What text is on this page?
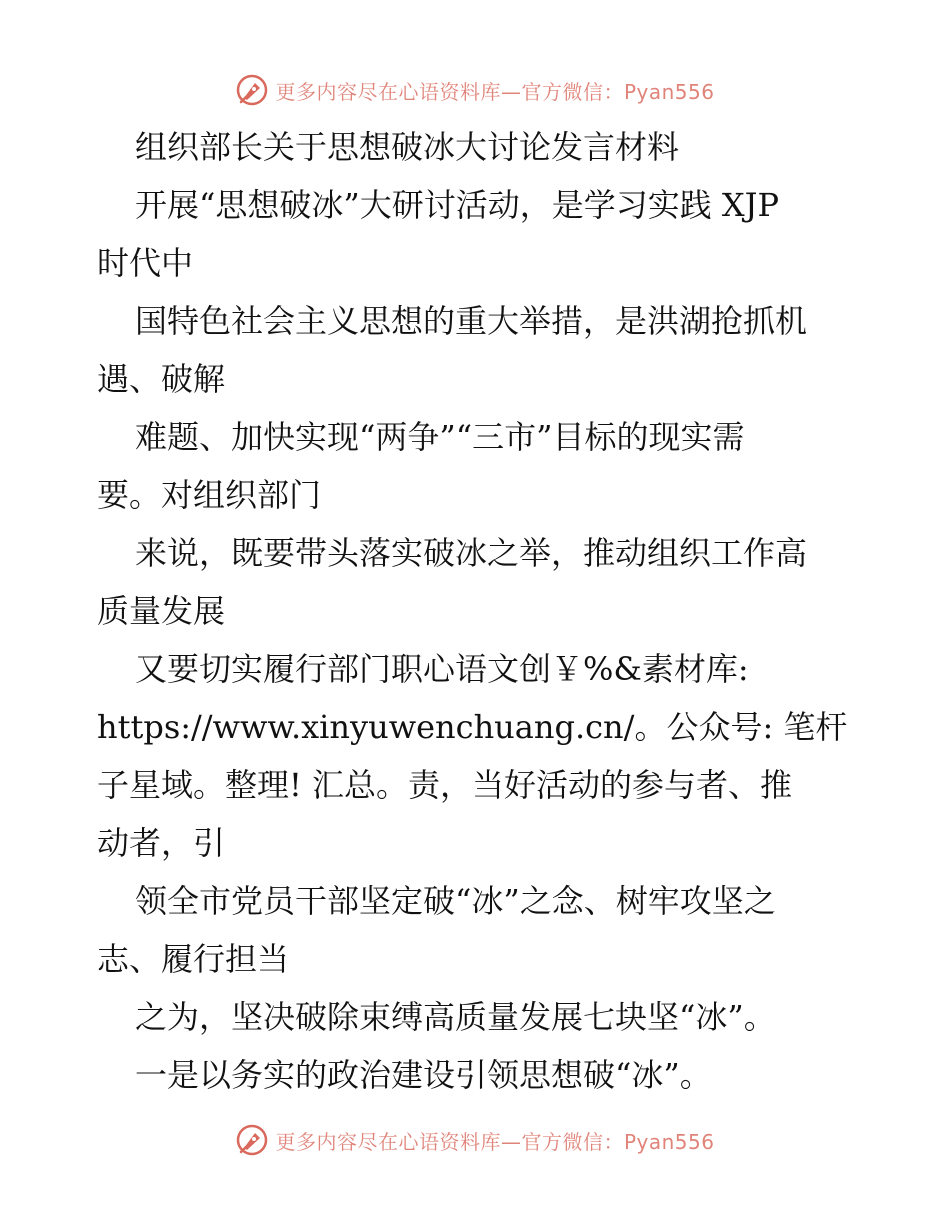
更多内容尽在心语资料库—官方微信：Pyan556
组织部长关于思想破冰大讨论发言材料
开展“思想破冰”大研讨活动，是学习实践 XJP
时代中
国特色社会主义思想的重大举措，是洪湖抢抓机
遇、破解
难题、加快实现“两争”“三市”目标的现实需
要。对组织部门
来说，既要带头落实破冰之举，推动组织工作高
质量发展
又要切实履行部门职心语文创￥%&素材库:
https://www.xinyuwenchuang.cn/。公众号: 笔杆
子星域。整理! 汇总。责，当好活动的参与者、推
动者，引
领全市党员干部坚定破“冰”之念、树牢攻坚之
志、履行担当
之为，坚决破除束缚高质量发展七块坚“冰”。
一是以务实的政治建设引领思想破“冰”。
更多内容尽在心语资料库—官方微信：Pyan556
